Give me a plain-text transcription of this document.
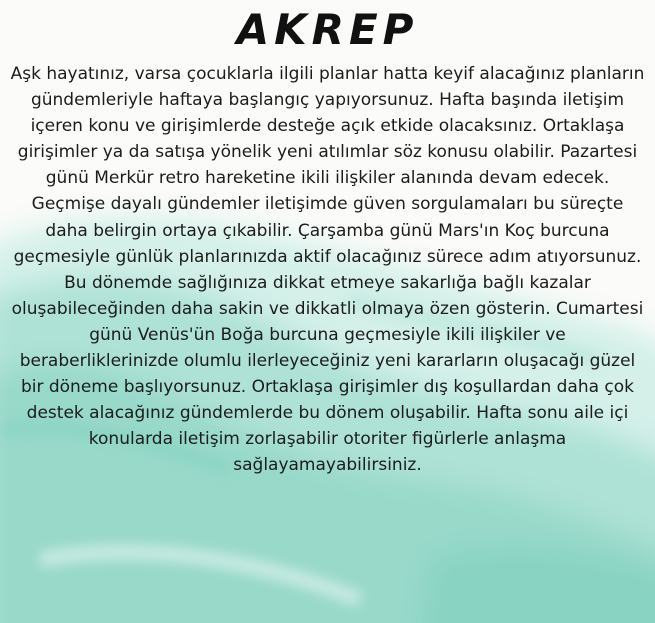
AKREP

Aşk hayatınız, varsa çocuklarla ilgili planlar hatta keyif alacağınız planların gündemleriyle haftaya başlangıç yapıyorsunuz. Hafta başında iletişim içeren konu ve girişimlerde desteğe açık etkide olacaksınız. Ortaklaşa girişimler ya da satışa yönelik yeni atılımlar söz konusu olabilir. Pazartesi günü Merkür retro hareketine ikili ilişkiler alanında devam edecek. Geçmişe dayalı gündemler iletişimde güven sorgulamaları bu süreçte daha belirgin ortaya çıkabilir. Çarşamba günü Mars'ın Koç burcuna geçmesiyle günlük planlarınızda aktif olacağınız sürece adım atıyorsunuz. Bu dönemde sağlığınıza dikkat etmeye sakarlığa bağlı kazalar oluşabileceğinden daha sakin ve dikkatli olmaya özen gösterin. Cumartesi günü Venüs'ün Boğa burcuna geçmesiyle ikili ilişkiler ve beraberliklerinizde olumlu ilerleyeceğiniz yeni kararların oluşacağı güzel bir döneme başlıyorsunuz. Ortaklaşa girişimler dış koşullardan daha çok destek alacağınız gündemlerde bu dönem oluşabilir. Hafta sonu aile içi konularda iletişim zorlaşabilir otoriter figürlerle anlaşma sağlayamayabilirsiniz.
